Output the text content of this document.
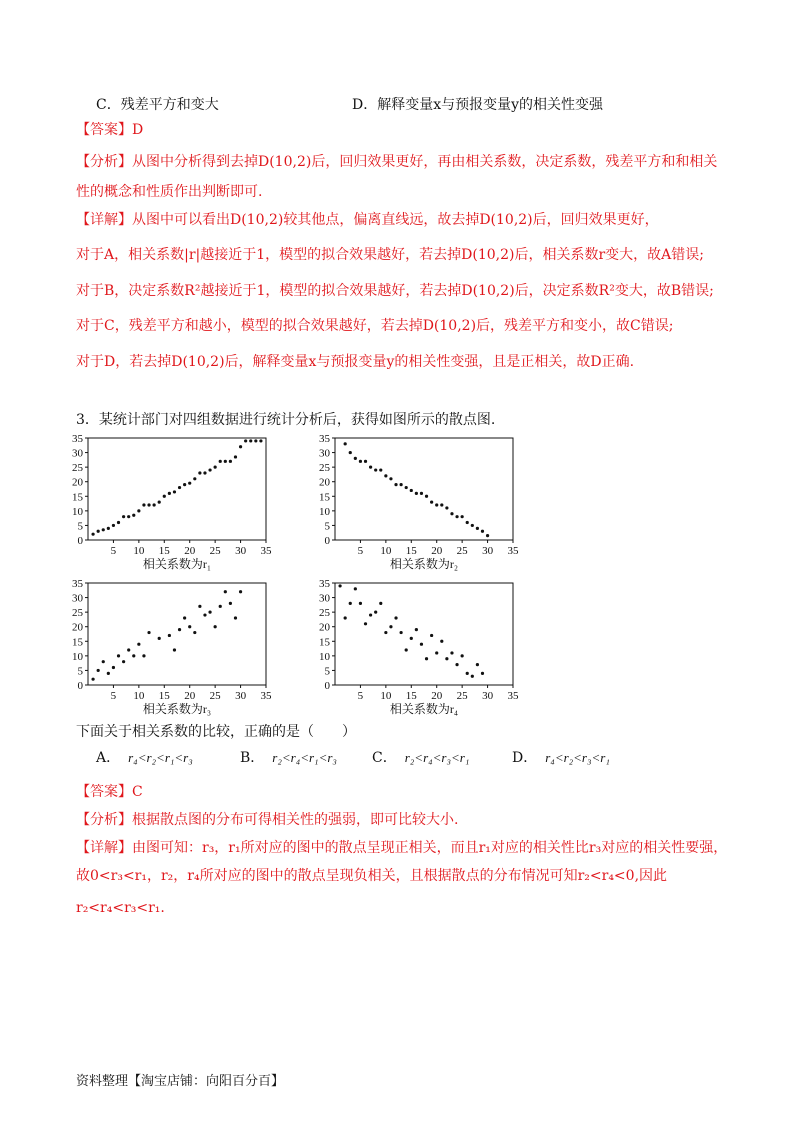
C．残差平方和变大	D．解释变量x与预报变量y的相关性变强
【答案】D
【分析】从图中分析得到去掉D(10,2)后，回归效果更好，再由相关系数，决定系数，残差平方和和相关
性的概念和性质作出判断即可.
【详解】从图中可以看出D(10,2)较其他点，偏离直线远，故去掉D(10,2)后，回归效果更好，
对于A，相关系数|r|越接近于1，模型的拟合效果越好，若去掉D(10,2)后，相关系数r变大，故A错误;
对于B，决定系数R²越接近于1，模型的拟合效果越好，若去掉D(10,2)后，决定系数R²变大，故B错误;
对于C，残差平方和越小，模型的拟合效果越好，若去掉D(10,2)后，残差平方和变小，故C错误;
对于D，若去掉D(10,2)后，解释变量x与预报变量y的相关性变强，且是正相关，故D正确.
3．某统计部门对四组数据进行统计分析后，获得如图所示的散点图.
0
5
10
15
20
25
30
35
5 10 15 20 25 30 35
相关系数为r₁
0
5
10
15
20
25
30
35
5 10 15 20 25 30 35
相关系数为r₂
0
5
10
15
20
25
30
35
5 10 15 20 25 30 35
相关系数为r₃
0
5
10
15
20
25
30
35
5 10 15 20 25 30 35
相关系数为r₄
下面关于相关系数的比较，正确的是（　　）
A． r₄<r₂<r₁<r₃	B． r₂<r₄<r₁<r₃	C． r₂<r₄<r₃<r₁	D． r₄<r₂<r₃<r₁
【答案】C
【分析】根据散点图的分布可得相关性的强弱，即可比较大小.
【详解】由图可知：r₃，r₁所对应的图中的散点呈现正相关，而且r₁对应的相关性比r₃对应的相关性要强，
故0<r₃<r₁，r₂，r₄所对应的图中的散点呈现负相关，且根据散点的分布情况可知r₂<r₄<0,因此
r₂<r₄<r₃<r₁.
资料整理【淘宝店铺：向阳百分百】
